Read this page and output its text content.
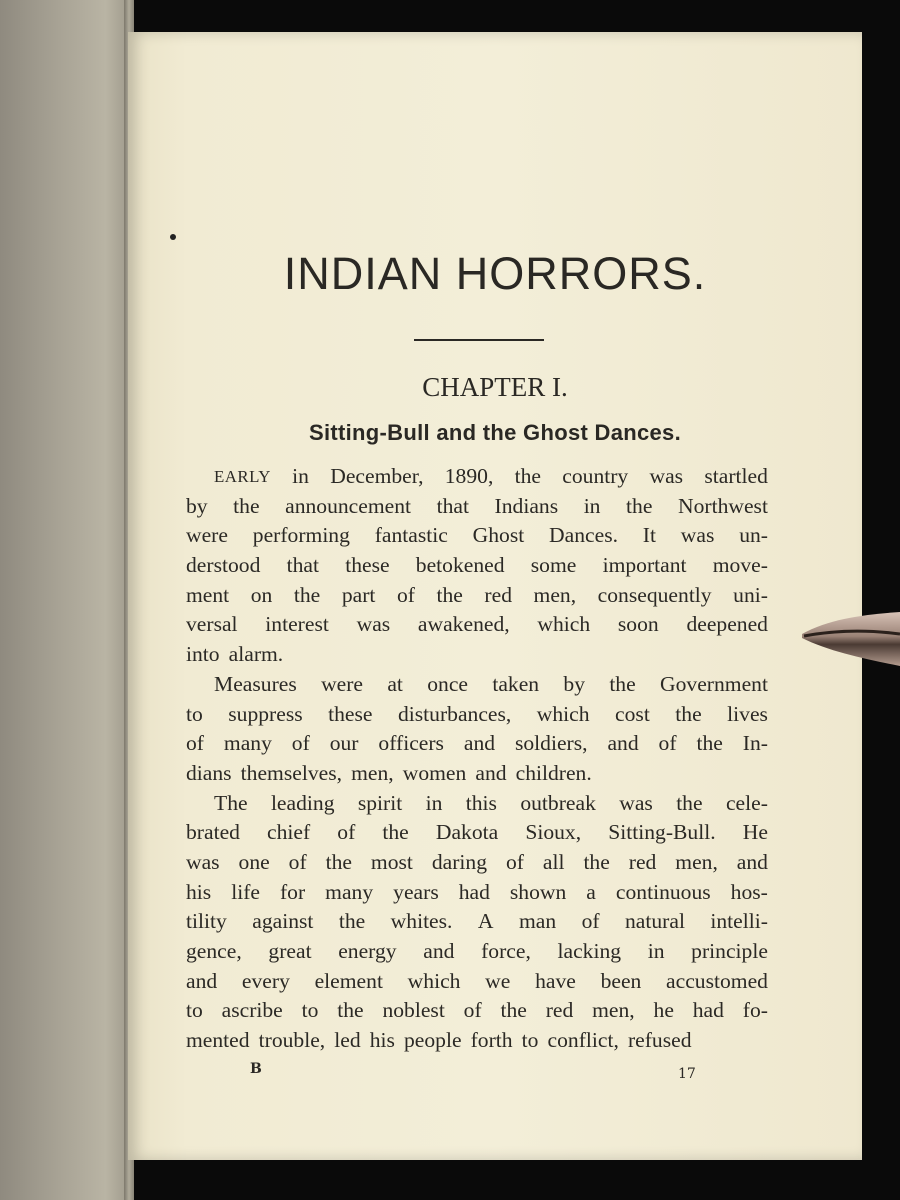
INDIAN HORRORS.
CHAPTER I.
Sitting-Bull and the Ghost Dances.
EARLY in December, 1890, the country was startled
by the announcement that Indians in the Northwest
were performing fantastic Ghost Dances. It was un-
derstood that these betokened some important move-
ment on the part of the red men, consequently uni-
versal interest was awakened, which soon deepened
into alarm.
Measures were at once taken by the Government
to suppress these disturbances, which cost the lives
of many of our officers and soldiers, and of the In-
dians themselves, men, women and children.
The leading spirit in this outbreak was the cele-
brated chief of the Dakota Sioux, Sitting-Bull. He
was one of the most daring of all the red men, and
his life for many years had shown a continuous hos-
tility against the whites. A man of natural intelli-
gence, great energy and force, lacking in principle
and every element which we have been accustomed
to ascribe to the noblest of the red men, he had fo-
mented trouble, led his people forth to conflict, refused
B	17
